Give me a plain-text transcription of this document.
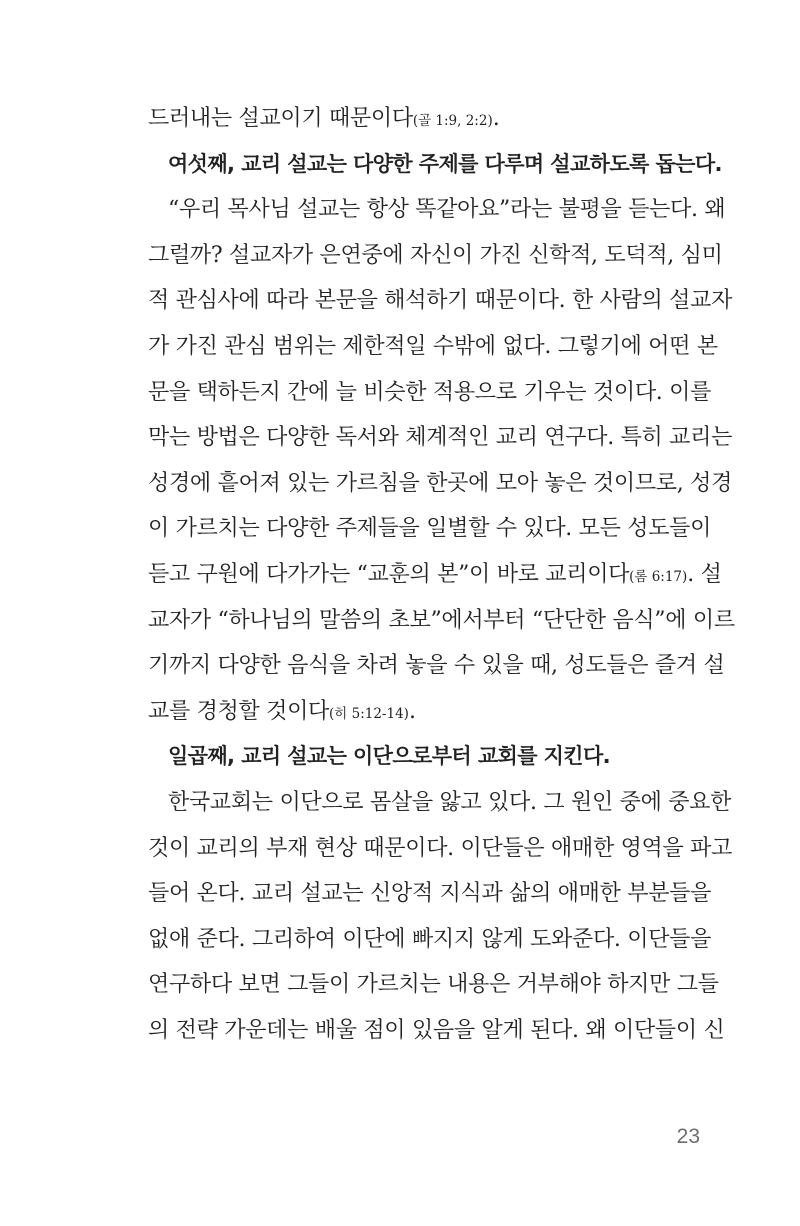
드러내는 설교이기 때문이다(골 1:9, 2:2).
여섯째, 교리 설교는 다양한 주제를 다루며 설교하도록 돕는다.
“우리 목사님 설교는 항상 똑같아요”라는 불평을 듣는다. 왜
그럴까? 설교자가 은연중에 자신이 가진 신학적, 도덕적, 심미
적 관심사에 따라 본문을 해석하기 때문이다. 한 사람의 설교자
가 가진 관심 범위는 제한적일 수밖에 없다. 그렇기에 어떤 본
문을 택하든지 간에 늘 비슷한 적용으로 기우는 것이다. 이를
막는 방법은 다양한 독서와 체계적인 교리 연구다. 특히 교리는
성경에 흩어져 있는 가르침을 한곳에 모아 놓은 것이므로, 성경
이 가르치는 다양한 주제들을 일별할 수 있다. 모든 성도들이
듣고 구원에 다가가는 “교훈의 본”이 바로 교리이다(롬 6:17). 설
교자가 “하나님의 말씀의 초보”에서부터 “단단한 음식”에 이르
기까지 다양한 음식을 차려 놓을 수 있을 때, 성도들은 즐겨 설
교를 경청할 것이다(히 5:12-14).
일곱째, 교리 설교는 이단으로부터 교회를 지킨다.
한국교회는 이단으로 몸살을 앓고 있다. 그 원인 중에 중요한
것이 교리의 부재 현상 때문이다. 이단들은 애매한 영역을 파고
들어 온다. 교리 설교는 신앙적 지식과 삶의 애매한 부분들을
없애 준다. 그리하여 이단에 빠지지 않게 도와준다. 이단들을
연구하다 보면 그들이 가르치는 내용은 거부해야 하지만 그들
의 전략 가운데는 배울 점이 있음을 알게 된다. 왜 이단들이 신
23
